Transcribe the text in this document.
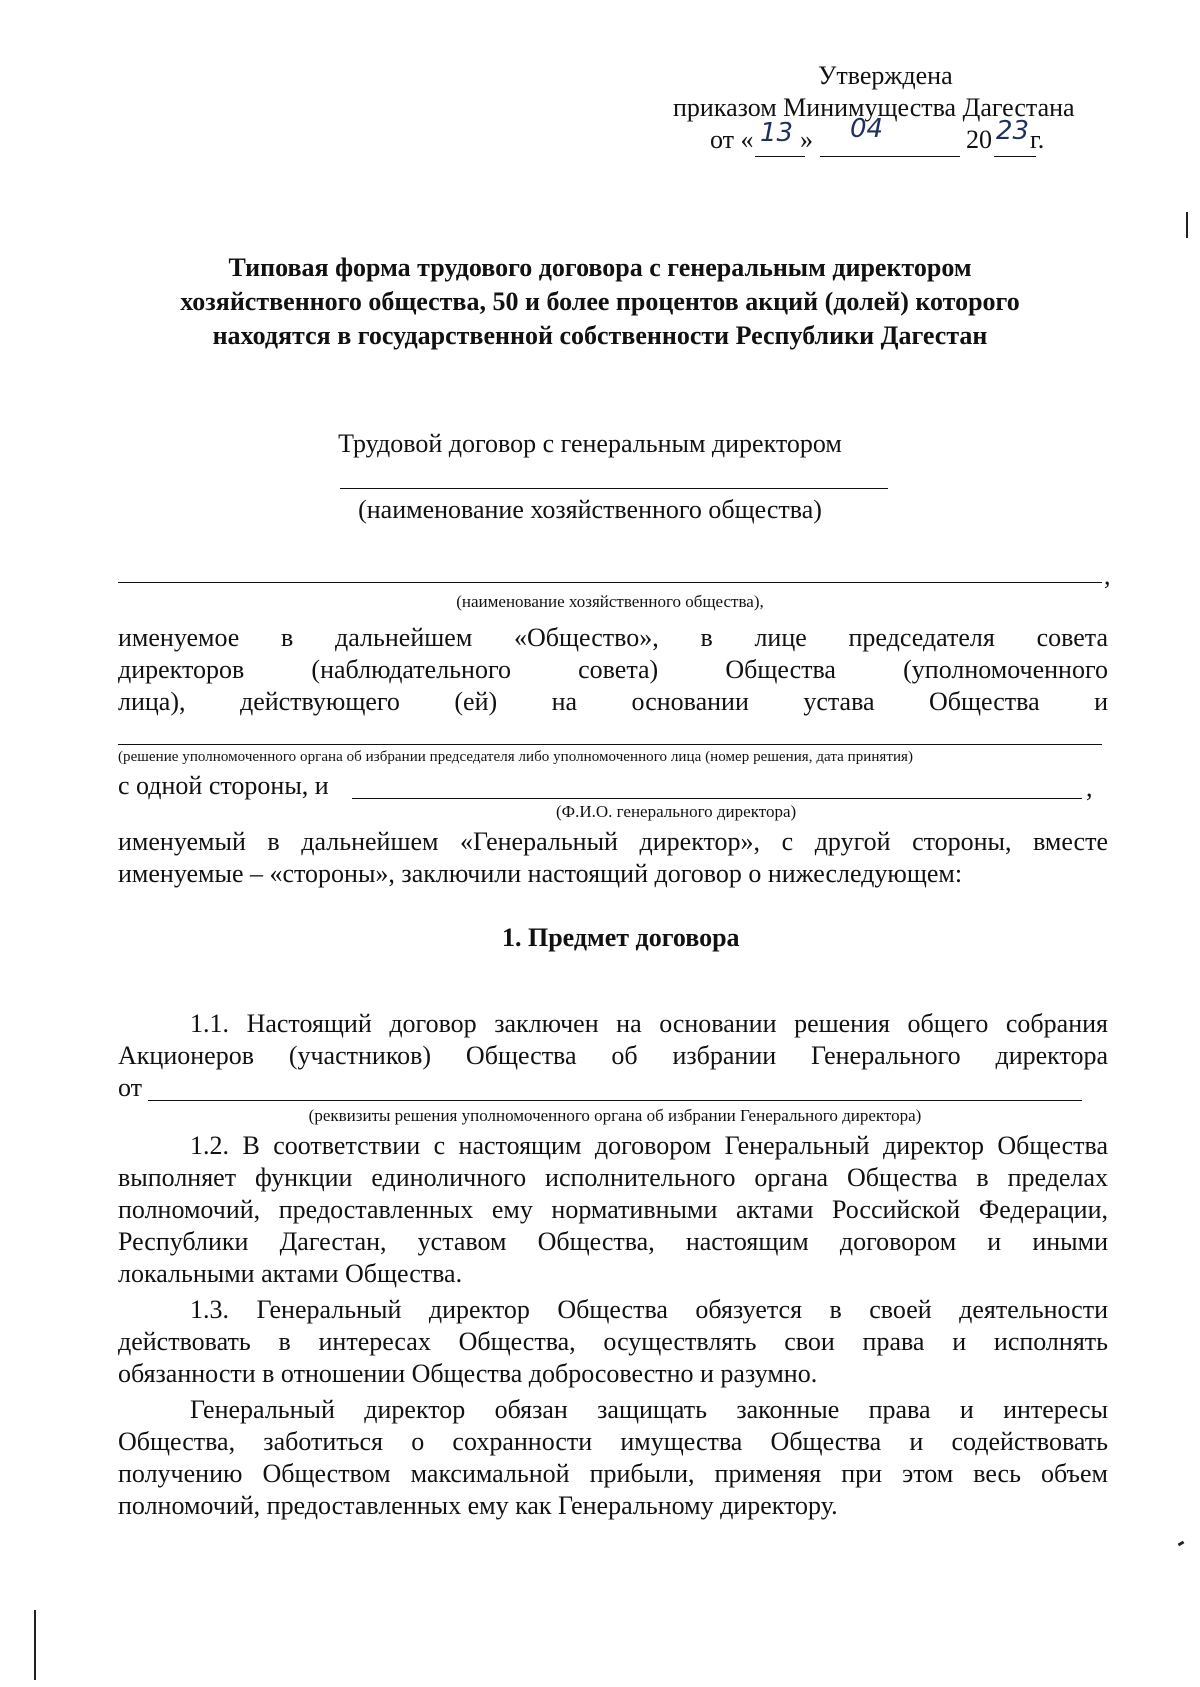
Утверждена
приказом Минимущества Дагестана
от « 13 » 04	20 23 г.
Типовая форма трудового договора с генеральным директором
хозяйственного общества, 50 и более процентов акций (долей) которого
находятся в государственной собственности Республики Дагестан
Трудовой договор с генеральным директором
(наименование хозяйственного общества)
,
(наименование хозяйственного общества),
именуемое в дальнейшем «Общество», в лице председателя совета
директоров (наблюдательного совета) Общества (уполномоченного
лица), действующего (ей) на основании устава Общества и
(решение уполномоченного органа об избрании председателя либо уполномоченного лица (номер решения, дата принятия)
с одной стороны, и	,
(Ф.И.О. генерального директора)
именуемый в дальнейшем «Генеральный директор», с другой стороны, вместе
именуемые – «стороны», заключили настоящий договор о нижеследующем:
1. Предмет договора
1.1. Настоящий договор заключен на основании решения общего собрания
Акционеров (участников) Общества об избрании Генерального директора
от
(реквизиты решения уполномоченного органа об избрании Генерального директора)
1.2. В соответствии с настоящим договором Генеральный директор Общества
выполняет функции единоличного исполнительного органа Общества в пределах
полномочий, предоставленных ему нормативными актами Российской Федерации,
Республики Дагестан, уставом Общества, настоящим договором и иными
локальными актами Общества.
1.3. Генеральный директор Общества обязуется в своей деятельности
действовать в интересах Общества, осуществлять свои права и исполнять
обязанности в отношении Общества добросовестно и разумно.
Генеральный директор обязан защищать законные права и интересы
Общества, заботиться о сохранности имущества Общества и содействовать
получению Обществом максимальной прибыли, применяя при этом весь объем
полномочий, предоставленных ему как Генеральному директору.
